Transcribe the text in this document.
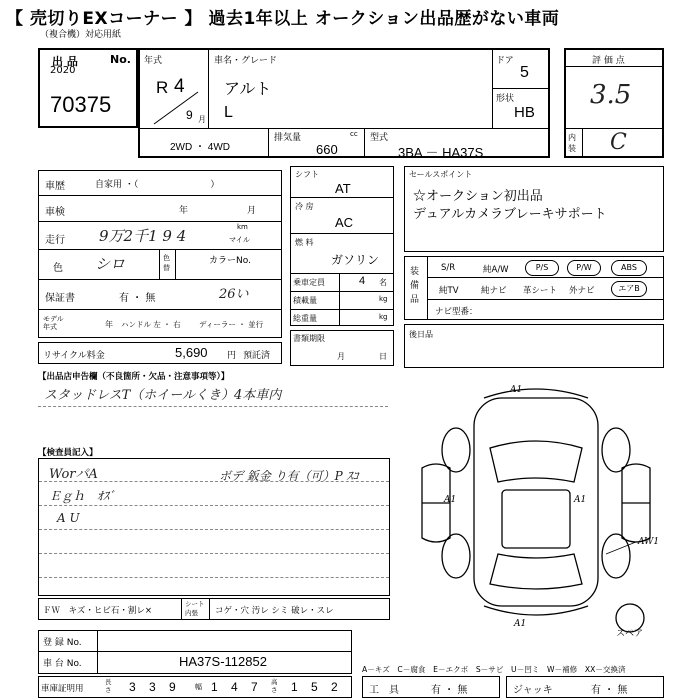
【 売切りEXコーナー 】 過去1年以上 オークション出品歴がない車両
（複合機）対応用紙
出 品	No.
2020
70375
年式
R 4
9 月
車名・グレード
アルト
L
ドア
5
形状
HB
2WD ・ 4WD
排気量	cc
660
型式
3BA － HA37S
評 価 点
3.5
内 装 C
車歴	自家用 ・（　　　　　　　　）
車検	年	月
走行 9万2千1 9 4	km
マイル
色 シロ	色替
カラーNo.
保証書	有 ・ 無	26い
モデル年式	年 ハンドル 左 ・ 右 ディーラー ・ 並行
リサイクル料金	5,690 円 預託済
シフト
AT
冷 房
AC
燃 料
ガソリン
乗車定員	4 名
積載量	kg
総重量	kg
書類期限
月	日
セールスポイント
☆オークション初出品
デュアルカメラブレーキサポート
装 備 品
S/R	純A/W	P/S	P/W	ABS
純TV	純ナビ 革シート 外ナビ	エアB
ナビ型番：
後日品
【出品店申告欄（不良箇所・欠品・注意事項等）】
スタッドレスT（ホイールくき）4本車内
【検査員記入】
WorパA
Ｅｇｈ　ｵｽﾞ
A U
ボデ 鈑金 り有（可）P ｽｺ
ＦＷ　キズ・ヒビ石・割レ×
シート 内張	コゲ・穴 汚レ シミ 破レ・スレ
A1
A1	A1
A1
AW1
スペア
登 録 No.
車 台 No.	HA37S-112852
A－キズ　C－腐食　E－エクボ　S－サビ　U－凹ミ　W－補修　XX－交換済
車庫証明用
長さ 3 3 9	幅 1 4 7 高さ 1 5 2	工　具	有 ・ 無	ジャッキ	有 ・ 無
